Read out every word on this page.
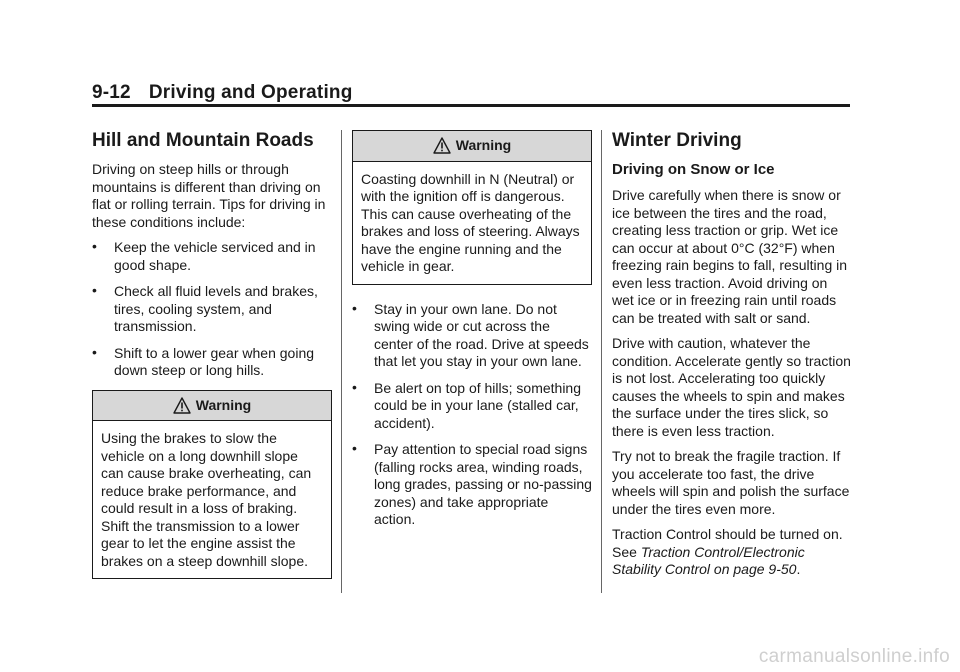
9-12 Driving and Operating
Hill and Mountain Roads

Driving on steep hills or through mountains is different than driving on flat or rolling terrain. Tips for driving in these conditions include:

• Keep the vehicle serviced and in good shape.
• Check all fluid levels and brakes, tires, cooling system, and transmission.
• Shift to a lower gear when going down steep or long hills.
Warning
Using the brakes to slow the vehicle on a long downhill slope can cause brake overheating, can reduce brake performance, and could result in a loss of braking. Shift the transmission to a lower gear to let the engine assist the brakes on a steep downhill slope.
Warning
Coasting downhill in N (Neutral) or with the ignition off is dangerous. This can cause overheating of the brakes and loss of steering. Always have the engine running and the vehicle in gear.
• Stay in your own lane. Do not swing wide or cut across the center of the road. Drive at speeds that let you stay in your own lane.
• Be alert on top of hills; something could be in your lane (stalled car, accident).
• Pay attention to special road signs (falling rocks area, winding roads, long grades, passing or no-passing zones) and take appropriate action.
Winter Driving
Driving on Snow or Ice

Drive carefully when there is snow or ice between the tires and the road, creating less traction or grip. Wet ice can occur at about 0°C (32°F) when freezing rain begins to fall, resulting in even less traction. Avoid driving on wet ice or in freezing rain until roads can be treated with salt or sand.

Drive with caution, whatever the condition. Accelerate gently so traction is not lost. Accelerating too quickly causes the wheels to spin and makes the surface under the tires slick, so there is even less traction.

Try not to break the fragile traction. If you accelerate too fast, the drive wheels will spin and polish the surface under the tires even more.

Traction Control should be turned on. See Traction Control/Electronic Stability Control on page 9-50.

carmanualsonline.info
